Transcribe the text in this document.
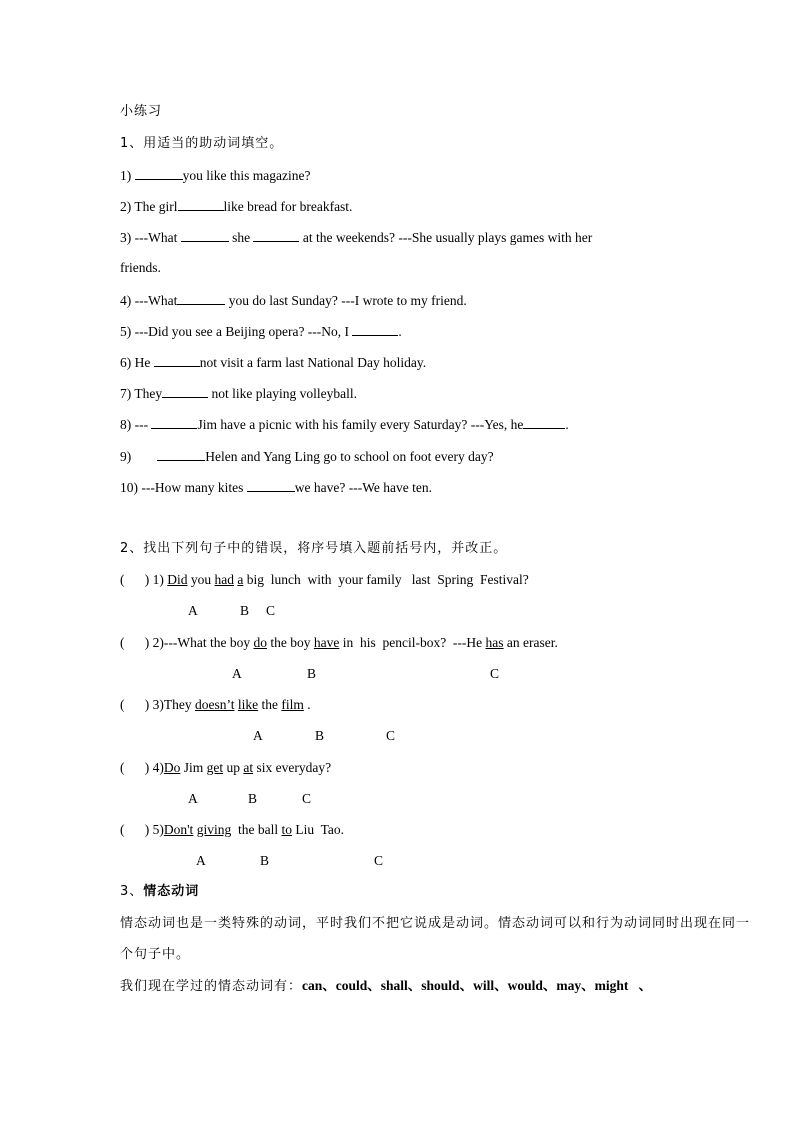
小练习
1、用适当的助动词填空。
1)	you like this magazine?
2) The girl	like bread for breakfast.
3) ---What	she	at the weekends? ---She usually plays games with her
friends.
4) ---What	you do last Sunday? ---I wrote to my friend.
5) ---Did you see a Beijing opera? ---No, I	.
6) He	not visit a farm last National Day holiday.
7) They	not like playing volleyball.
8) ---	Jim have a picnic with his family every Saturday? ---Yes, he	.
9)	Helen and Yang Ling go to school on foot every day?
10) ---How many kites	we have? ---We have ten.
2、找出下列句子中的错误，将序号填入题前括号内，并改正。
(      ) 1) Did you had a big  lunch  with  your family   last  Spring  Festival?
A	B C
(      ) 2)---What the boy do the boy have in  his  pencil-box?  ---He has an eraser.
A	B	C
(      ) 3)They doesn’t like the film .
A	B	C
(      ) 4)Do Jim get up at six everyday?
A	B	C
(      ) 5)Don't giving  the ball to Liu  Tao.
A	B	C
3、情态动词
情态动词也是一类特殊的动词，平时我们不把它说成是动词。情态动词可以和行为动词同时出现在同一个句子中。
我们现在学过的情态动词有：can、could、shall、should、will、would、may、might   、
